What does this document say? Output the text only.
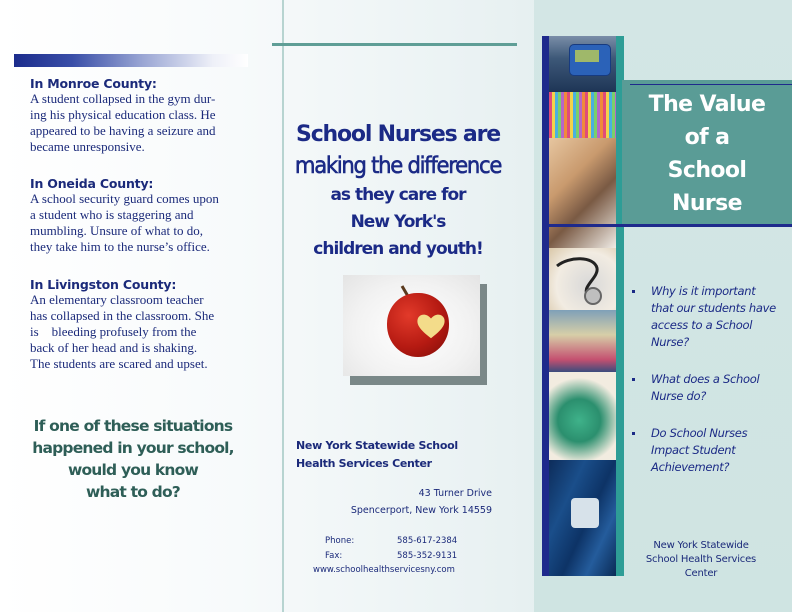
In Monroe County:

A student collapsed in the gym dur-

ing his physical education class. He

appeared to be having a seizure and

became unresponsive.

In Oneida County:

A school security guard comes upon

a student who is staggering and

mumbling. Unsure of what to do,

they take him to the nurse’s office.

In Livingston County:

An elementary classroom teacher

has collapsed in the classroom. She

is    bleeding profusely from the

back of her head and is shaking.

The students are scared and upset.

If one of these situations
happened in your school,
would you know
what to do?
School Nurses are
making the difference
as they care for
New York's
children and youth!
New York Statewide School
Health Services Center
43 Turner Drive
Spencerport, New York 14559
Phone:	585-617-2384
Fax:	585-352-9131
www.schoolhealthservicesny.com
The Value
of a
School
Nurse
Why is it important that our students have access to a School Nurse?
What does a School Nurse do?
Do School Nurses Impact Student Achievement?
New York Statewide
School Health Services
Center
